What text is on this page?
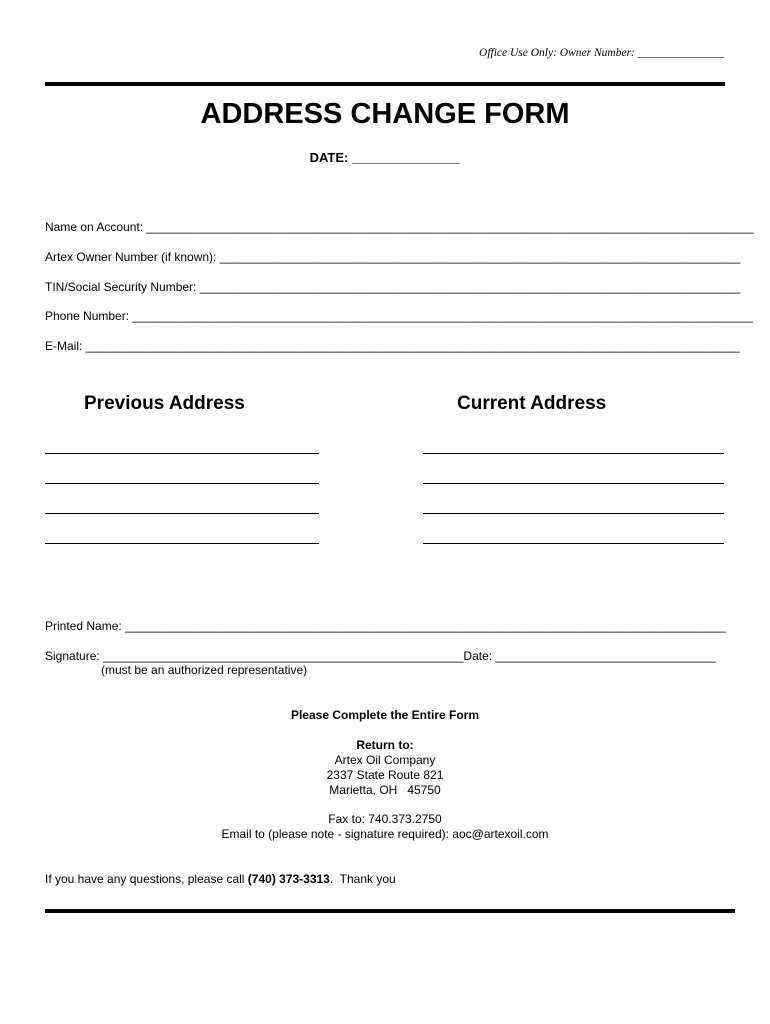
Office Use Only: Owner Number: _______________
ADDRESS CHANGE FORM
DATE: _______________
Name on Account: ___________________________________________________________________________________________
Artex Owner Number (if known): ______________________________________________________________________________
TIN/Social Security Number: _________________________________________________________________________________
Phone Number: _____________________________________________________________________________________________
E-Mail: __________________________________________________________________________________________________
Previous Address	Current Address
Printed Name: __________________________________________________________________________________________
Signature: ______________________________________________________Date: _________________________________
(must be an authorized representative)
Please Complete the Entire Form
Return to:
Artex Oil Company
2337 State Route 821
Marietta, OH   45750
Fax to: 740.373.2750
Email to (please note - signature required): aoc@artexoil.com
If you have any questions, please call (740) 373-3313.  Thank you
